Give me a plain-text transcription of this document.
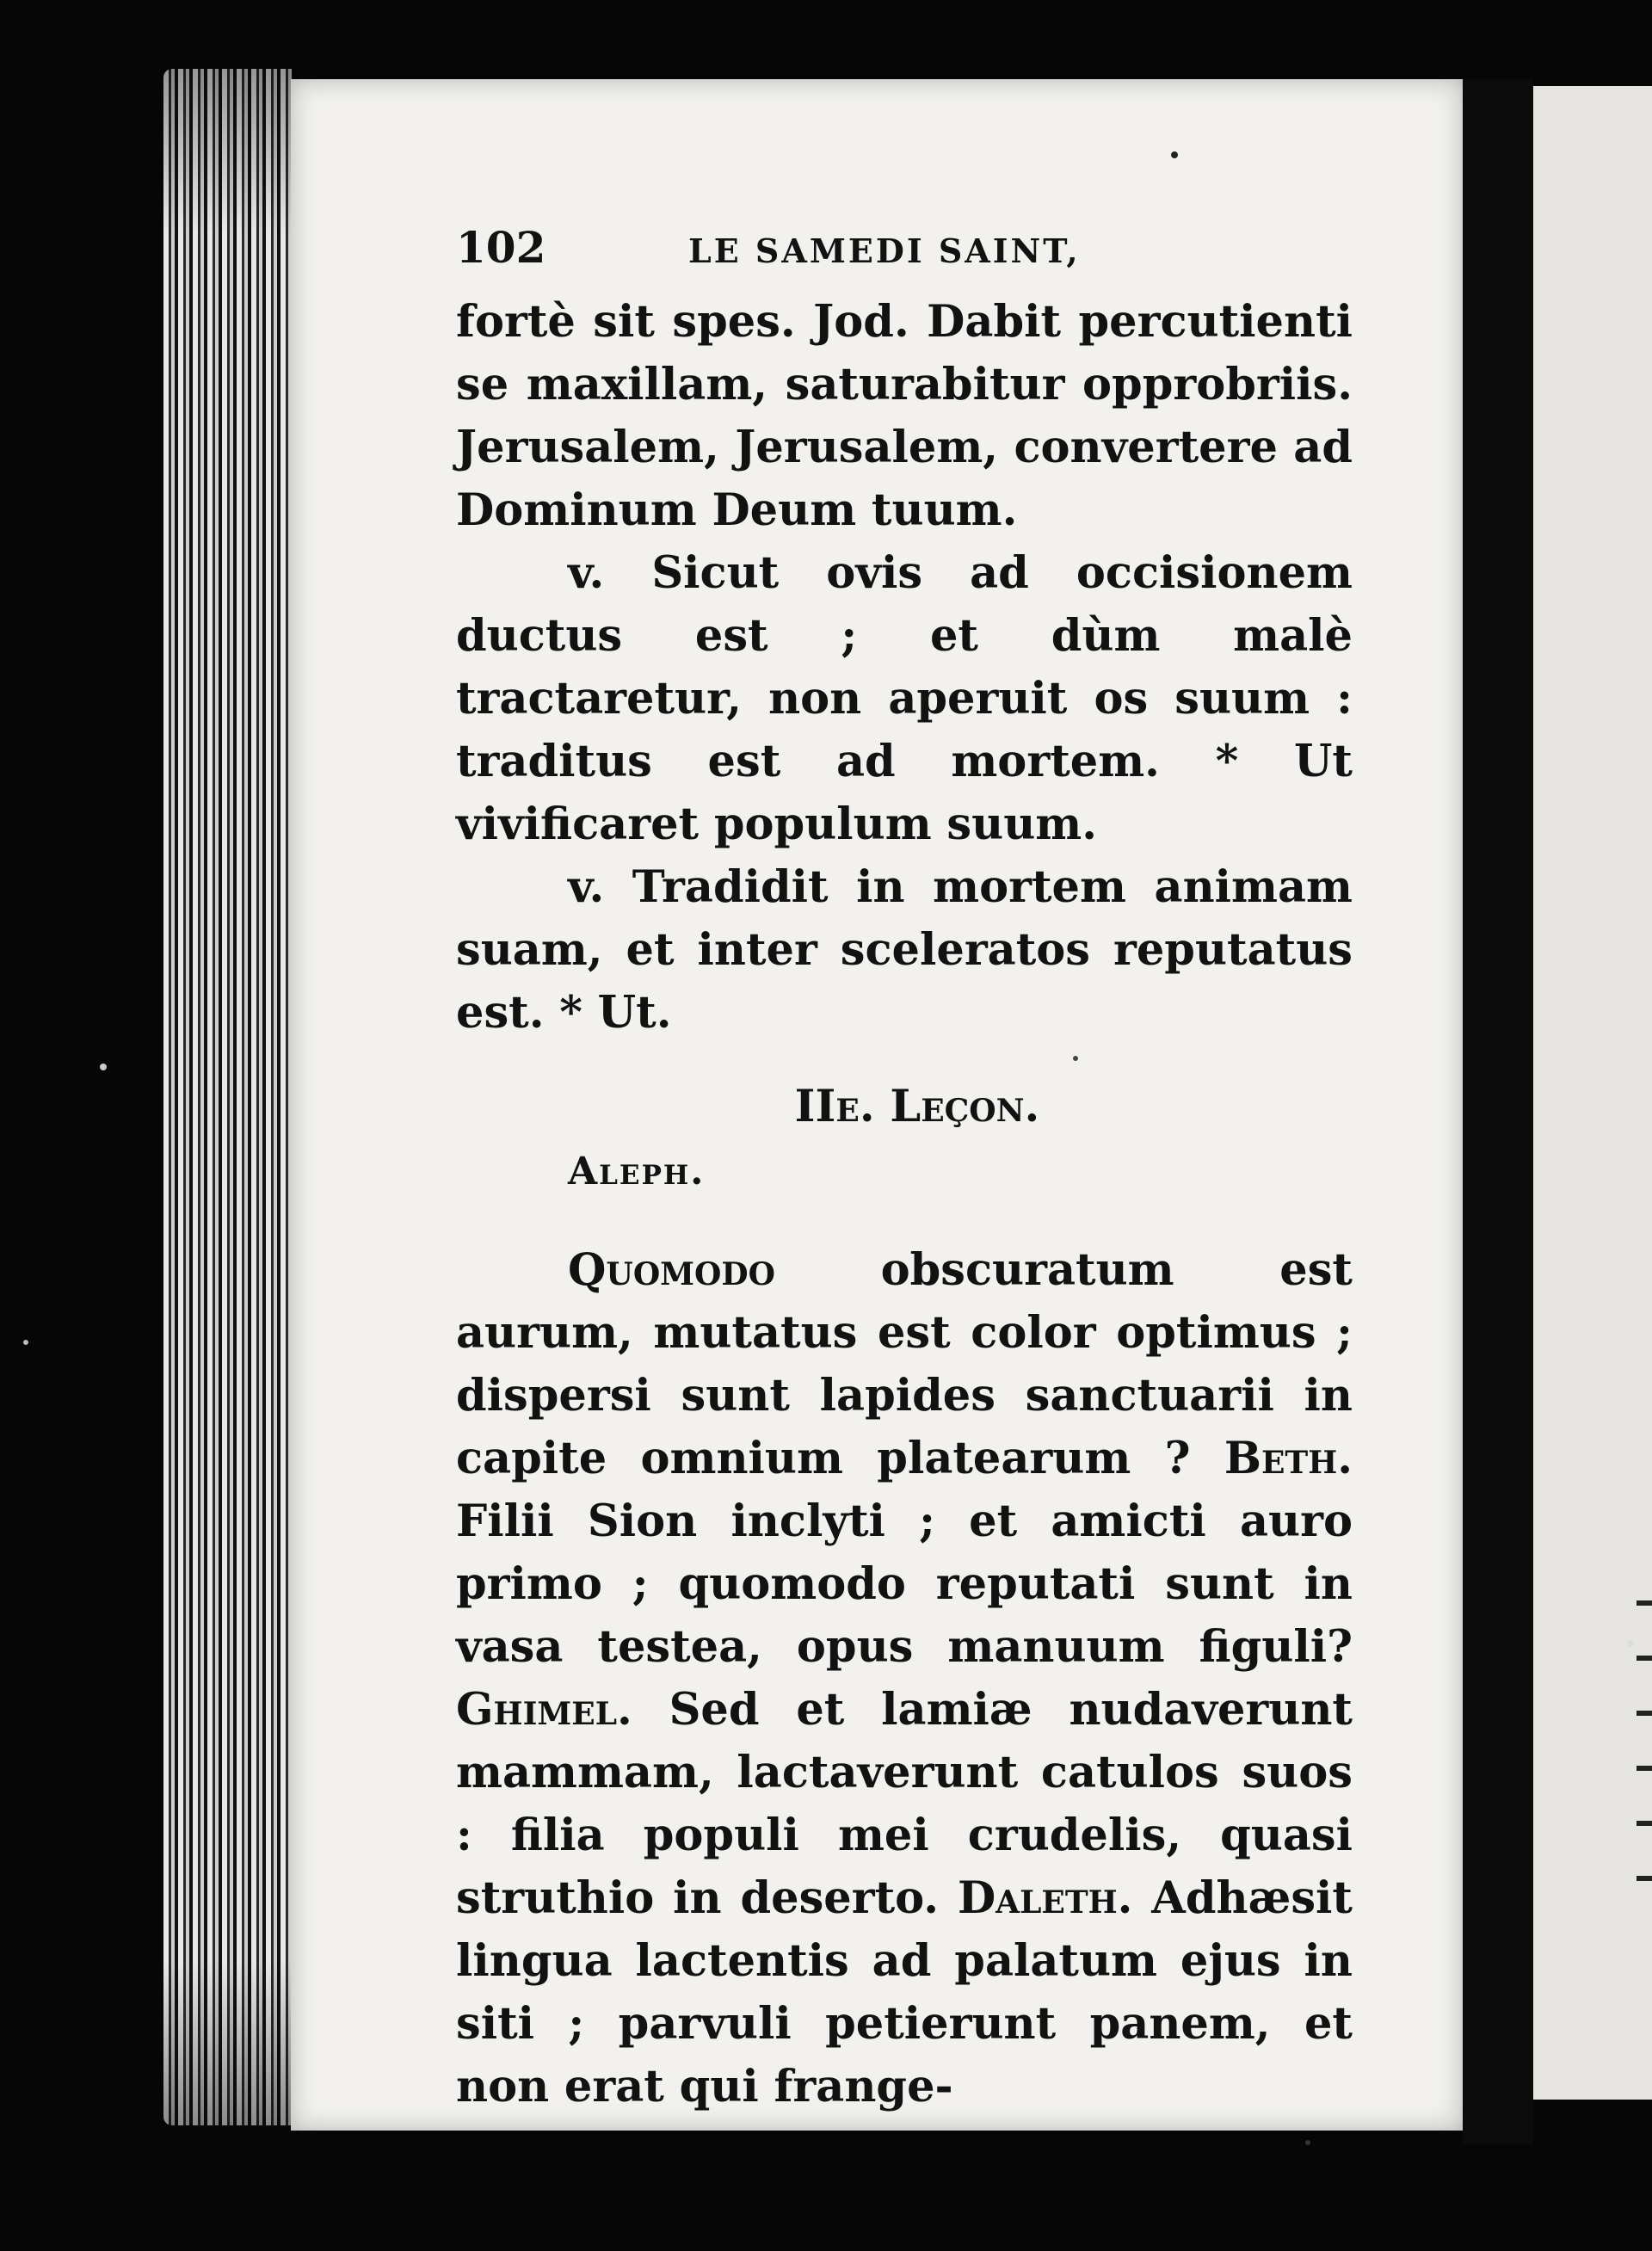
102	LE SAMEDI SAINT,

fortè sit spes. Jod. Dabit percutienti se maxillam, saturabitur opprobriis. Jerusalem, Jerusalem, convertere ad Dominum Deum tuum.

v. Sicut ovis ad occisionem ductus est ; et dùm malè tractaretur, non aperuit os suum : traditus est ad mortem. * Ut vivificaret populum suum.

v. Tradidit in mortem animam suam, et inter sceleratos reputatus est. * Ut.

IIe. Leçon.
Aleph.

Quomodo obscuratum est aurum, mutatus est color optimus ; dispersi sunt lapides sanctuarii in capite omnium platearum ? Beth. Filii Sion inclyti ; et amicti auro primo ; quomodo reputati sunt in vasa testea, opus manuum figuli? Ghimel. Sed et lamiæ nudaverunt mammam, lactaverunt catulos suos : filia populi mei crudelis, quasi struthio in deserto. Daleth. Adhæsit lingua lactentis ad palatum ejus in siti ; parvuli petierunt panem, et non erat qui frange-
